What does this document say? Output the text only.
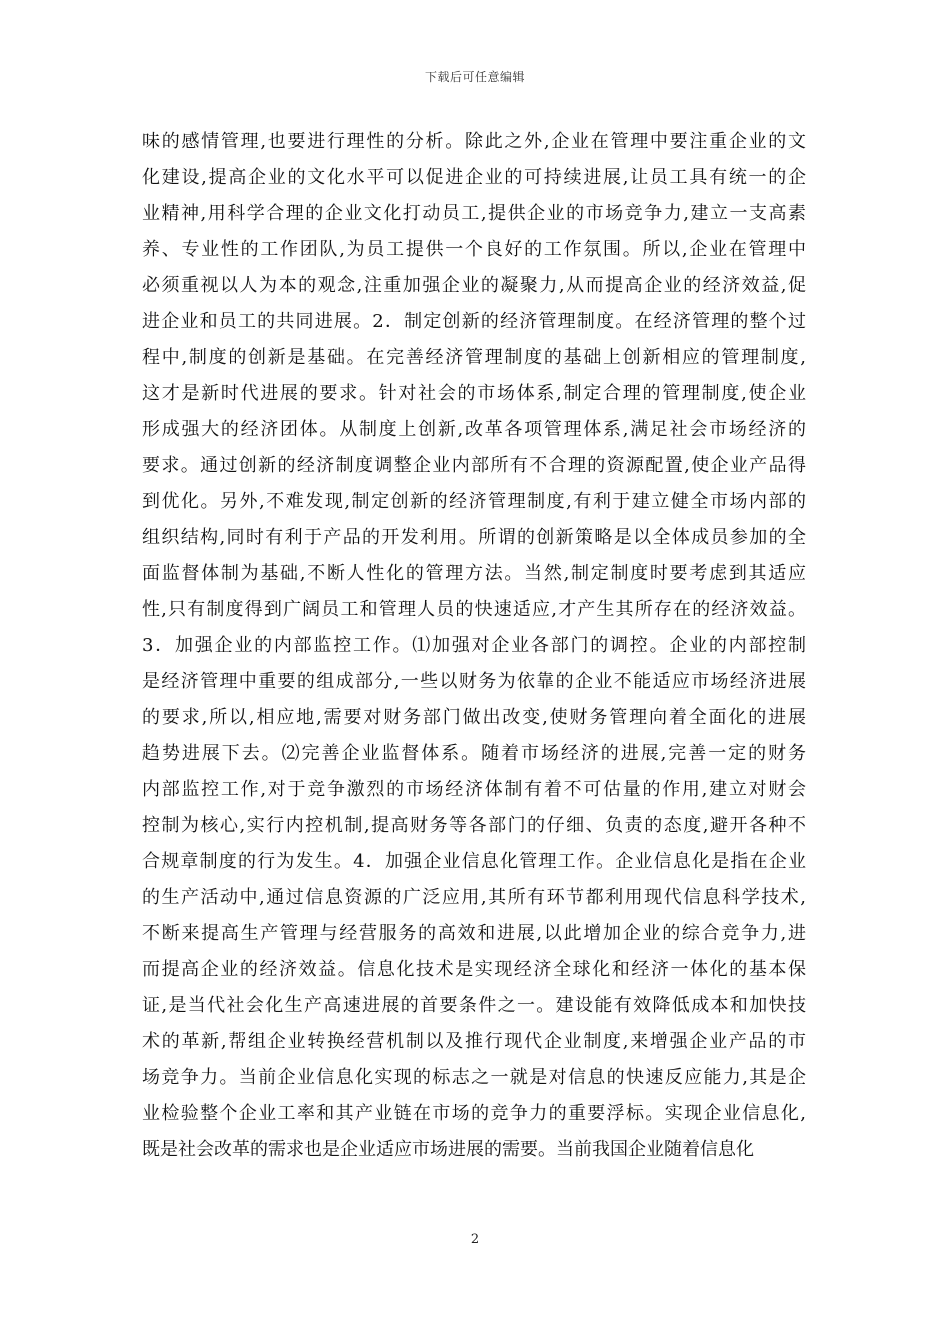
下载后可任意编辑
味的感情管理,也要进行理性的分析。除此之外,企业在管理中要注重企业的文
化建设,提高企业的文化水平可以促进企业的可持续进展,让员工具有统一的企
业精神,用科学合理的企业文化打动员工,提供企业的市场竞争力,建立一支高素
养、专业性的工作团队,为员工提供一个良好的工作氛围。所以,企业在管理中
必须重视以人为本的观念,注重加强企业的凝聚力,从而提高企业的经济效益,促
进企业和员工的共同进展。2．制定创新的经济管理制度。在经济管理的整个过
程中,制度的创新是基础。在完善经济管理制度的基础上创新相应的管理制度,
这才是新时代进展的要求。针对社会的市场体系,制定合理的管理制度,使企业
形成强大的经济团体。从制度上创新,改革各项管理体系,满足社会市场经济的
要求。通过创新的经济制度调整企业内部所有不合理的资源配置,使企业产品得
到优化。另外,不难发现,制定创新的经济管理制度,有利于建立健全市场内部的
组织结构,同时有利于产品的开发利用。所谓的创新策略是以全体成员参加的全
面监督体制为基础,不断人性化的管理方法。当然,制定制度时要考虑到其适应
性,只有制度得到广阔员工和管理人员的快速适应,才产生其所存在的经济效益。
3．加强企业的内部监控工作。⑴加强对企业各部门的调控。企业的内部控制
是经济管理中重要的组成部分,一些以财务为依靠的企业不能适应市场经济进展
的要求,所以,相应地,需要对财务部门做出改变,使财务管理向着全面化的进展
趋势进展下去。⑵完善企业监督体系。随着市场经济的进展,完善一定的财务
内部监控工作,对于竞争激烈的市场经济体制有着不可估量的作用,建立对财会
控制为核心,实行内控机制,提高财务等各部门的仔细、负责的态度,避开各种不
合规章制度的行为发生。4．加强企业信息化管理工作。企业信息化是指在企业
的生产活动中,通过信息资源的广泛应用,其所有环节都利用现代信息科学技术,
不断来提高生产管理与经营服务的高效和进展,以此增加企业的综合竞争力,进
而提高企业的经济效益。信息化技术是实现经济全球化和经济一体化的基本保
证,是当代社会化生产高速进展的首要条件之一。建设能有效降低成本和加快技
术的革新,帮组企业转换经营机制以及推行现代企业制度,来增强企业产品的市
场竞争力。当前企业信息化实现的标志之一就是对信息的快速反应能力,其是企
业检验整个企业工率和其产业链在市场的竞争力的重要浮标。实现企业信息化,
既是社会改革的需求也是企业适应市场进展的需要。当前我国企业随着信息化
2
